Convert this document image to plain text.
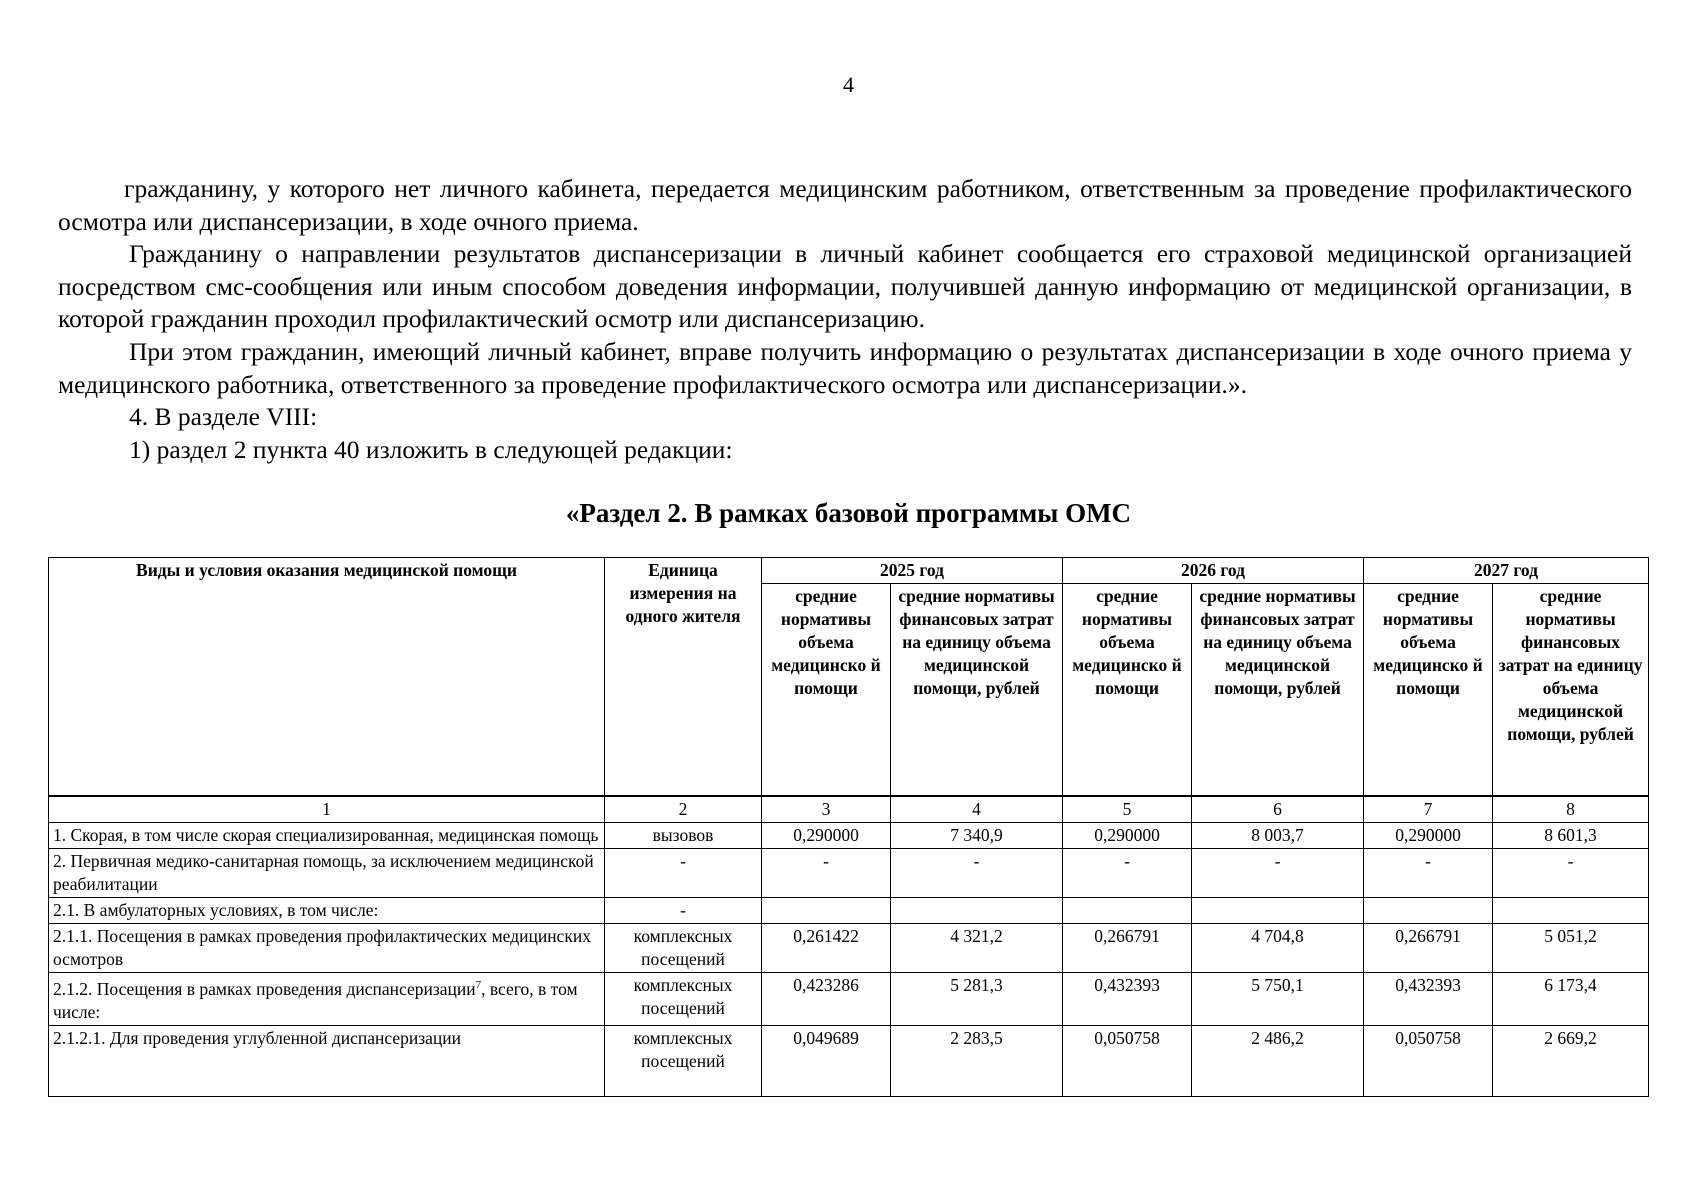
4

гражданину, у которого нет личного кабинета, передается медицинским работником, ответственным за проведение профилактического осмотра или диспансеризации, в ходе очного приема.

Гражданину о направлении результатов диспансеризации в личный кабинет сообщается его страховой медицинской организацией посредством смс-сообщения или иным способом доведения информации, получившей данную информацию от медицинской организации, в которой гражданин проходил профилактический осмотр или диспансеризацию.

При этом гражданин, имеющий личный кабинет, вправе получить информацию о результатах диспансеризации в ходе очного приема у медицинского работника, ответственного за проведение профилактического осмотра или диспансеризации.».

4. В разделе VIII:

1) раздел 2 пункта 40 изложить в следующей редакции:

«Раздел 2. В рамках базовой программы ОМС
Виды и условия оказания медицинской помощи	Единица измерения на одного жителя	2025 год		2026 год		2027 год	
		средние нормативы объема медицинско й помощи	средние нормативы финансовых затрат на единицу объема медицинской помощи, рублей	средние нормативы объема медицинско й помощи	средние нормативы финансовых затрат на единицу объема медицинской помощи, рублей	средние нормативы объема медицинско й помощи	средние нормативы финансовых затрат на единицу объема медицинской помощи, рублей

1	2	3	4	5	6	7	8
1. Скорая, в том числе скорая специализированная, медицинская помощь	вызовов	0,290000	7 340,9	0,290000	8 003,7	0,290000	8 601,3
2. Первичная медико-санитарная помощь, за исключением медицинской реабилитации	-	-	-	-	-	-	-
2.1. В амбулаторных условиях, в том числе:	-						
2.1.1. Посещения в рамках проведения профилактических медицинских осмотров	комплексных посещений	0,261422	4 321,2	0,266791	4 704,8	0,266791	5 051,2
2.1.2. Посещения в рамках проведения диспансеризации$^7$, всего, в том числе:	комплексных посещений	0,423286	5 281,3	0,432393	5 750,1	0,432393	6 173,4
2.1.2.1. Для проведения углубленной диспансеризации	комплексных посещений	0,049689	2 283,5	0,050758	2 486,2	0,050758	2 669,2
